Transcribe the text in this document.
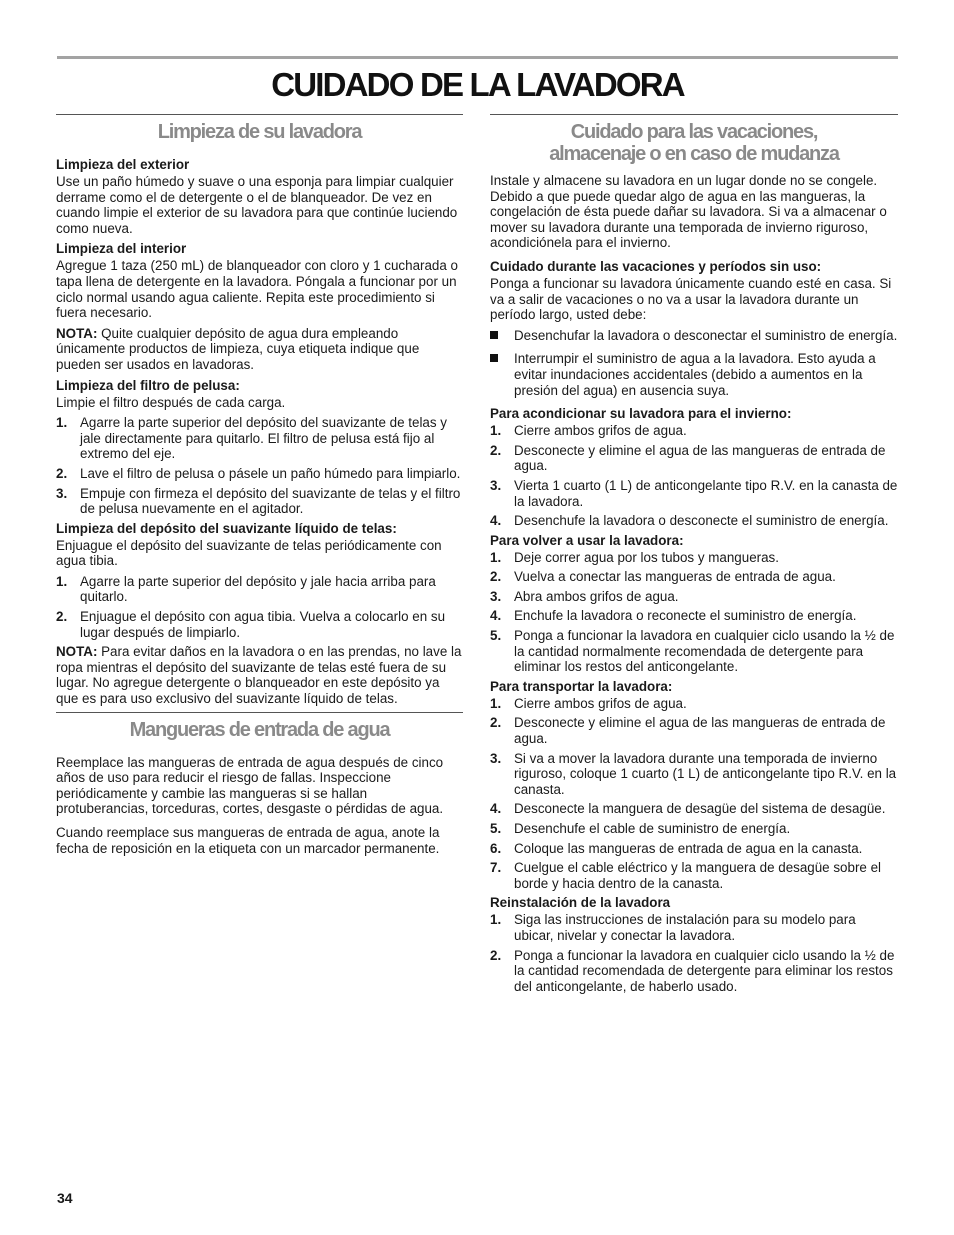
CUIDADO DE LA LAVADORA
Limpieza de su lavadora
Limpieza del exterior

Use un paño húmedo y suave o una esponja para limpiar cualquier derrame como el de detergente o el de blanqueador. De vez en cuando limpie el exterior de su lavadora para que continúe luciendo como nueva.

Limpieza del interior

Agregue 1 taza (250 mL) de blanqueador con cloro y 1 cucharada o tapa llena de detergente en la lavadora. Póngala a funcionar por un ciclo normal usando agua caliente. Repita este procedimiento si fuera necesario.

NOTA: Quite cualquier depósito de agua dura empleando únicamente productos de limpieza, cuya etiqueta indique que pueden ser usados en lavadoras.

Limpieza del filtro de pelusa:

Limpie el filtro después de cada carga.

1. Agarre la parte superior del depósito del suavizante de telas y jale directamente para quitarlo. El filtro de pelusa está fijo al extremo del eje.
2. Lave el filtro de pelusa o pásele un paño húmedo para limpiarlo.
3. Empuje con firmeza el depósito del suavizante de telas y el filtro de pelusa nuevamente en el agitador.
Limpieza del depósito del suavizante líquido de telas:

Enjuague el depósito del suavizante de telas periódicamente con agua tibia.

1. Agarre la parte superior del depósito y jale hacia arriba para quitarlo.
2. Enjuague el depósito con agua tibia. Vuelva a colocarlo en su lugar después de limpiarlo.

NOTA: Para evitar daños en la lavadora o en las prendas, no lave la ropa mientras el depósito del suavizante de telas esté fuera de su lugar. No agregue detergente o blanqueador en este depósito ya que es para uso exclusivo del suavizante líquido de telas.

Mangueras de entrada de agua

Reemplace las mangueras de entrada de agua después de cinco años de uso para reducir el riesgo de fallas. Inspeccione periódicamente y cambie las mangueras si se hallan protuberancias, torceduras, cortes, desgaste o pérdidas de agua.

Cuando reemplace sus mangueras de entrada de agua, anote la fecha de reposición en la etiqueta con un marcador permanente.

Cuidado para las vacaciones,
almacenaje o en caso de mudanza

Instale y almacene su lavadora en un lugar donde no se congele. Debido a que puede quedar algo de agua en las mangueras, la congelación de ésta puede dañar su lavadora. Si va a almacenar o mover su lavadora durante una temporada de invierno riguroso, acondiciónela para el invierno.

Cuidado durante las vacaciones y períodos sin uso:

Ponga a funcionar su lavadora únicamente cuando esté en casa. Si va a salir de vacaciones o no va a usar la lavadora durante un período largo, usted debe:

Desenchufar la lavadora o desconectar el suministro de energía.
Interrumpir el suministro de agua a la lavadora. Esto ayuda a evitar inundaciones accidentales (debido a aumentos en la presión del agua) en ausencia suya.
Para acondicionar su lavadora para el invierno:
1. Cierre ambos grifos de agua.
2. Desconecte y elimine el agua de las mangueras de entrada de agua.
3. Vierta 1 cuarto (1 L) de anticongelante tipo R.V. en la canasta de la lavadora.
4. Desenchufe la lavadora o desconecte el suministro de energía.
Para volver a usar la lavadora:
1. Deje correr agua por los tubos y mangueras.
2. Vuelva a conectar las mangueras de entrada de agua.
3. Abra ambos grifos de agua.
4. Enchufe la lavadora o reconecte el suministro de energía.
5. Ponga a funcionar la lavadora en cualquier ciclo usando la ½ de la cantidad normalmente recomendada de detergente para eliminar los restos del anticongelante.
Para transportar la lavadora:
1. Cierre ambos grifos de agua.
2. Desconecte y elimine el agua de las mangueras de entrada de agua.
3. Si va a mover la lavadora durante una temporada de invierno riguroso, coloque 1 cuarto (1 L) de anticongelante tipo R.V. en la canasta.
4. Desconecte la manguera de desagüe del sistema de desagüe.
5. Desenchufe el cable de suministro de energía.
6. Coloque las mangueras de entrada de agua en la canasta.
7. Cuelgue el cable eléctrico y la manguera de desagüe sobre el borde y hacia dentro de la canasta.
Reinstalación de la lavadora
1. Siga las instrucciones de instalación para su modelo para ubicar, nivelar y conectar la lavadora.
2. Ponga a funcionar la lavadora en cualquier ciclo usando la ½ de la cantidad recomendada de detergente para eliminar los restos del anticongelante, de haberlo usado.
34
